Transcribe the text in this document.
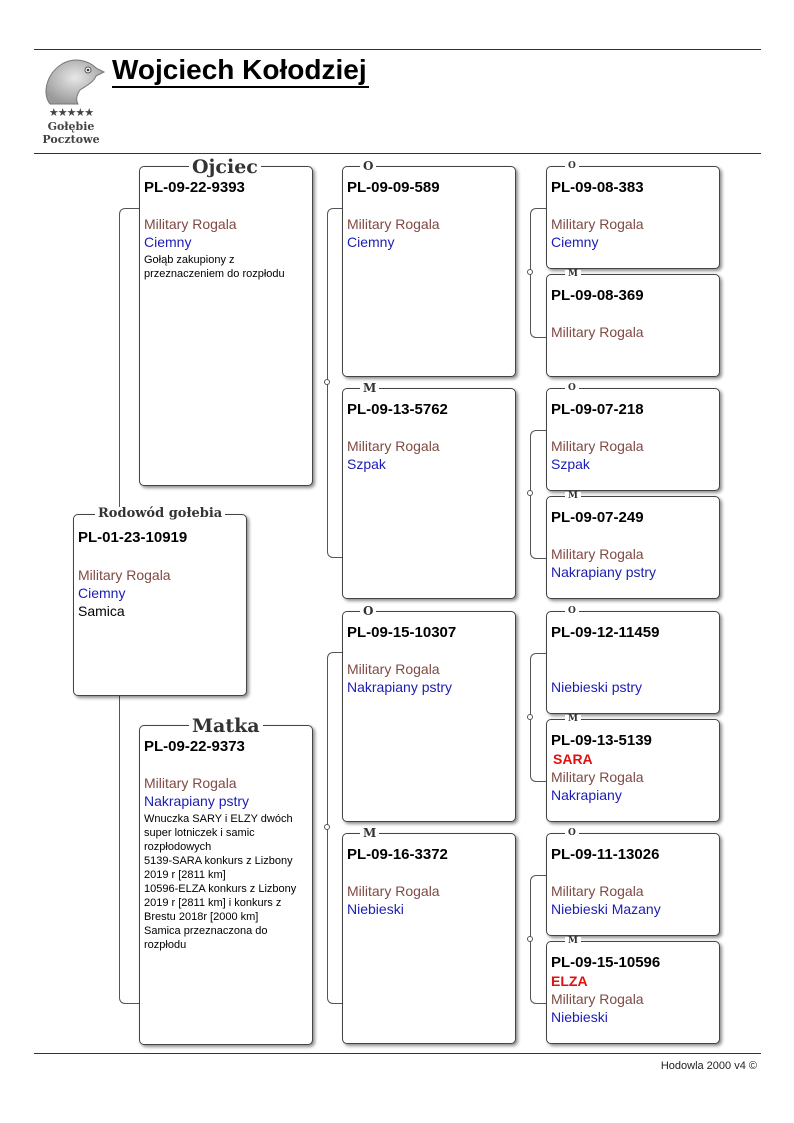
★★★★★
Gołębie
Pocztowe
Wojciech Kołodziej
PL-01-23-10919
Military Rogala
Ciemny
Samica
Rodowód gołebia
PL-09-22-9393
Military Rogala
Ciemny
Gołąb zakupiony z
przeznaczeniem do rozpłodu
Ojciec
PL-09-22-9373
Military Rogala
Nakrapiany pstry
Wnuczka SARY i ELZY dwóch
super lotniczek i samic
rozpłodowych
5139-SARA konkurs z Lizbony
2019 r [2811 km]
10596-ELZA konkurs z Lizbony
2019 r [2811 km] i konkurs z
Brestu 2018r [2000 km]
Samica przeznaczona do
rozpłodu
Matka
PL-09-09-589
Military Rogala
Ciemny
O
PL-09-13-5762
Military Rogala
Szpak
M
PL-09-15-10307
Military Rogala
Nakrapiany pstry
O
PL-09-16-3372
Military Rogala
Niebieski
M
PL-09-08-383
Military Rogala
Ciemny
O
PL-09-08-369
Military Rogala
M
PL-09-07-218
Military Rogala
Szpak
O
PL-09-07-249
Military Rogala
Nakrapiany pstry
M
PL-09-12-11459
Niebieski pstry
O
PL-09-13-5139
SARA
Military Rogala
Nakrapiany
M
PL-09-11-13026
Military Rogala
Niebieski Mazany
O
PL-09-15-10596
ELZA
Military Rogala
Niebieski
M
Hodowla 2000 v4 ©
